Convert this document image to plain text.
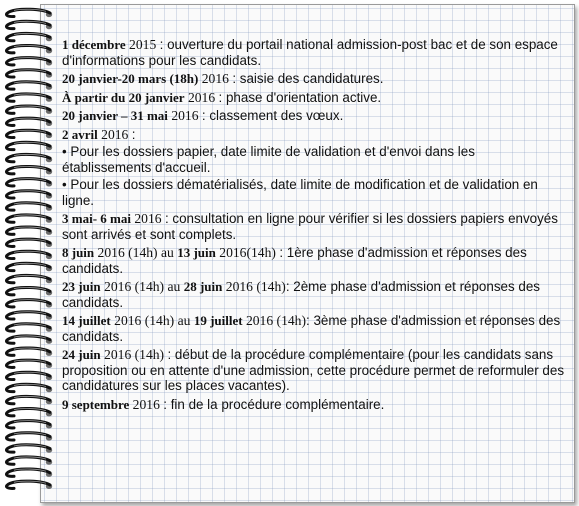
1 décembre 2015 : ouverture du portail national admission-post bac et de son espace d'informations pour les candidats.
20 janvier-20 mars (18h) 2016 : saisie des candidatures.
À partir du 20 janvier 2016 : phase d'orientation active.
20 janvier – 31 mai 2016 : classement des vœux.
2 avril 2016 :
• Pour les dossiers papier, date limite de validation et d'envoi dans les établissements d'accueil.
• Pour les dossiers dématérialisés, date limite de modification et de validation en ligne.
3 mai- 6 mai 2016 : consultation en ligne pour vérifier si les dossiers papiers envoyés sont arrivés et sont complets.
8 juin 2016 (14h) au 13 juin 2016(14h) : 1ère phase d'admission et réponses des candidats.
23 juin 2016 (14h) au 28 juin 2016 (14h): 2ème phase d'admission et réponses des candidats.
14 juillet 2016 (14h) au 19 juillet 2016 (14h): 3ème phase d'admission et réponses des candidats.
24 juin 2016 (14h) : début de la procédure complémentaire (pour les candidats sans proposition ou en attente d'une admission, cette procédure permet de reformuler des candidatures sur les places vacantes).
9 septembre 2016 : fin de la procédure complémentaire.
